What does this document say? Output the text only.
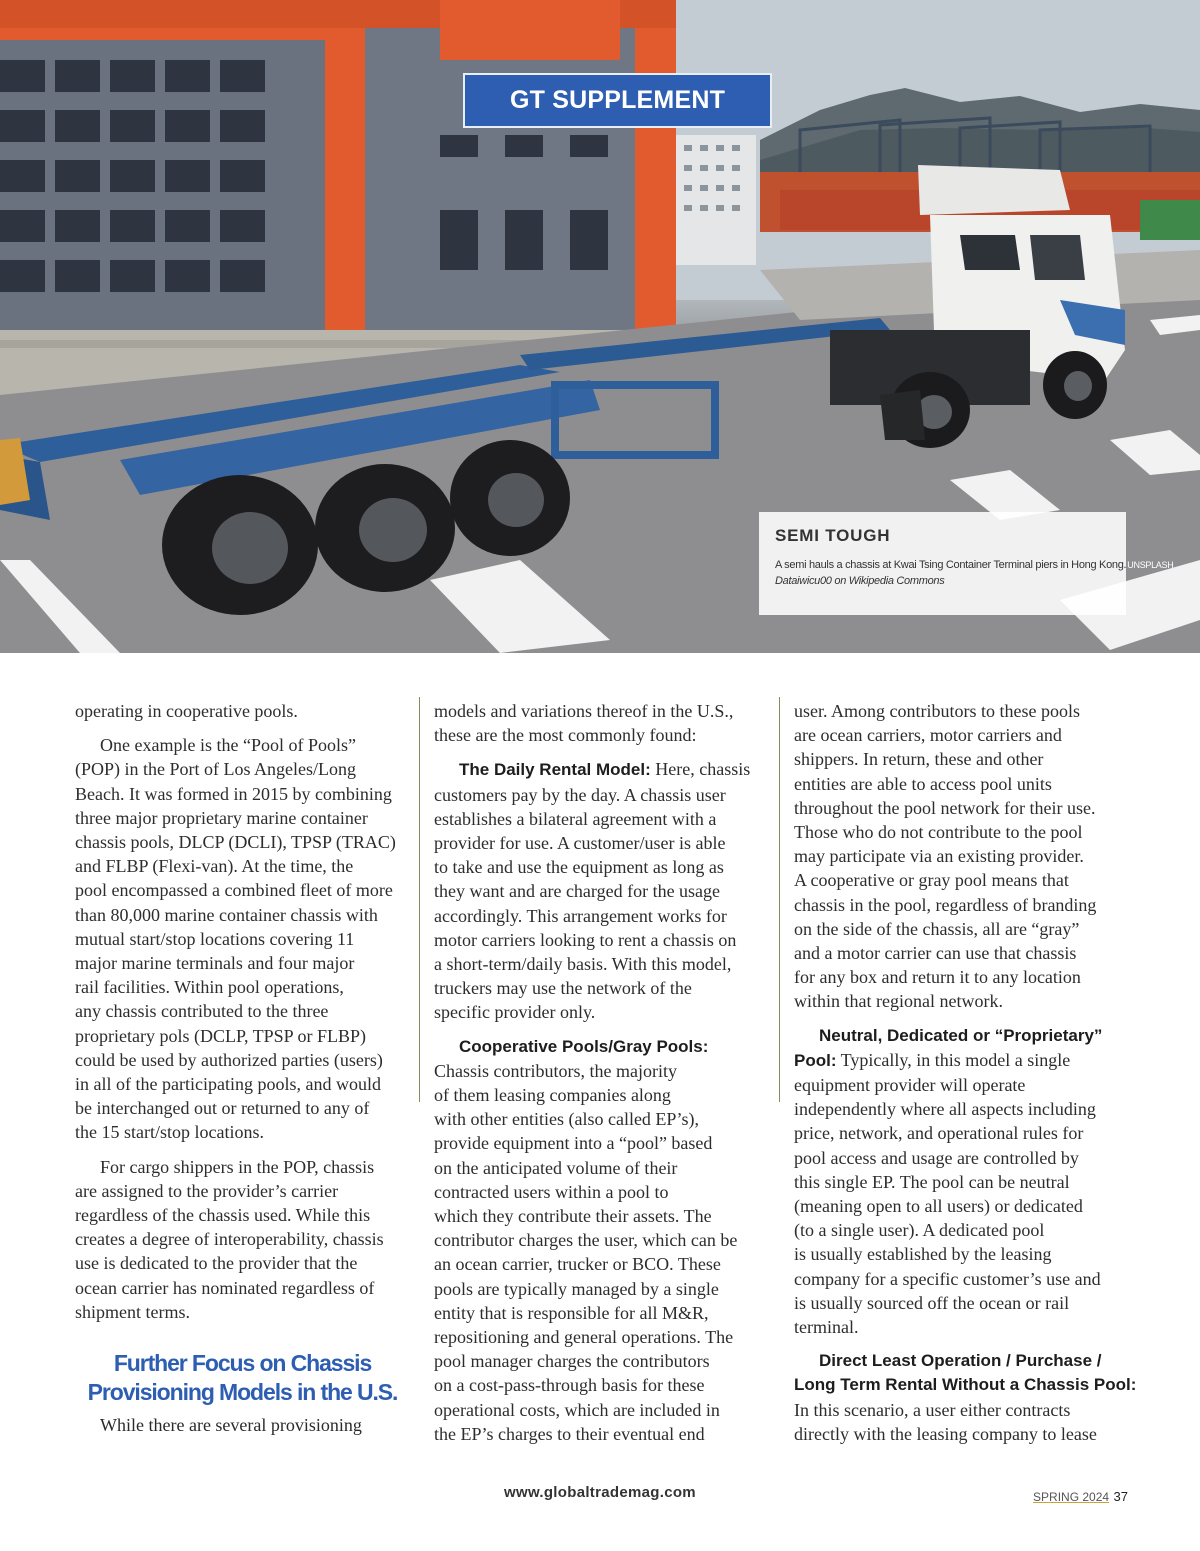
GT SUPPLEMENT
SEMI TOUGH
A semi hauls a chassis at Kwai Tsing Container Terminal piers in Hong Kong.UNSPLASH
Dataiwicu00 on Wikipedia Commons
operating in cooperative pools.
One example is the “Pool of Pools”
(POP) in the Port of Los Angeles/Long
Beach. It was formed in 2015 by combining
three major proprietary marine container
chassis pools, DLCP (DCLI), TPSP (TRAC)
and FLBP (Flexi-van). At the time, the
pool encompassed a combined fleet of more
than 80,000 marine container chassis with
mutual start/stop locations covering 11
major marine terminals and four major
rail facilities. Within pool operations,
any chassis contributed to the three
proprietary pols (DCLP, TPSP or FLBP)
could be used by authorized parties (users)
in all of the participating pools, and would
be interchanged out or returned to any of
the 15 start/stop locations.
For cargo shippers in the POP, chassis
are assigned to the provider’s carrier
regardless of the chassis used. While this
creates a degree of interoperability, chassis
use is dedicated to the provider that the
ocean carrier has nominated regardless of
shipment terms.
Further Focus on Chassis
Provisioning Models in the U.S.
While there are several provisioning
models and variations thereof in the U.S.,
these are the most commonly found:
The Daily Rental Model: Here, chassis
customers pay by the day. A chassis user
establishes a bilateral agreement with a
provider for use. A customer/user is able
to take and use the equipment as long as
they want and are charged for the usage
accordingly. This arrangement works for
motor carriers looking to rent a chassis on
a short-term/daily basis. With this model,
truckers may use the network of the
specific provider only.
Cooperative Pools/Gray Pools:
Chassis contributors, the majority
of them leasing companies along
with other entities (also called EP’s),
provide equipment into a “pool” based
on the anticipated volume of their
contracted users within a pool to
which they contribute their assets. The
contributor charges the user, which can be
an ocean carrier, trucker or BCO. These
pools are typically managed by a single
entity that is responsible for all M&R,
repositioning and general operations. The
pool manager charges the contributors
on a cost-pass-through basis for these
operational costs, which are included in
the EP’s charges to their eventual end
user. Among contributors to these pools
are ocean carriers, motor carriers and
shippers. In return, these and other
entities are able to access pool units
throughout the pool network for their use.
Those who do not contribute to the pool
may participate via an existing provider.
A cooperative or gray pool means that
chassis in the pool, regardless of branding
on the side of the chassis, all are “gray”
and a motor carrier can use that chassis
for any box and return it to any location
within that regional network.
Neutral, Dedicated or “Proprietary”
Pool: Typically, in this model a single
equipment provider will operate
independently where all aspects including
price, network, and operational rules for
pool access and usage are controlled by
this single EP. The pool can be neutral
(meaning open to all users) or dedicated
(to a single user). A dedicated pool
is usually established by the leasing
company for a specific customer’s use and
is usually sourced off the ocean or rail
terminal.
Direct Least Operation / Purchase /
Long Term Rental Without a Chassis Pool:
In this scenario, a user either contracts
directly with the leasing company to lease
www.globaltrademag.com	SPRING 2024 37
